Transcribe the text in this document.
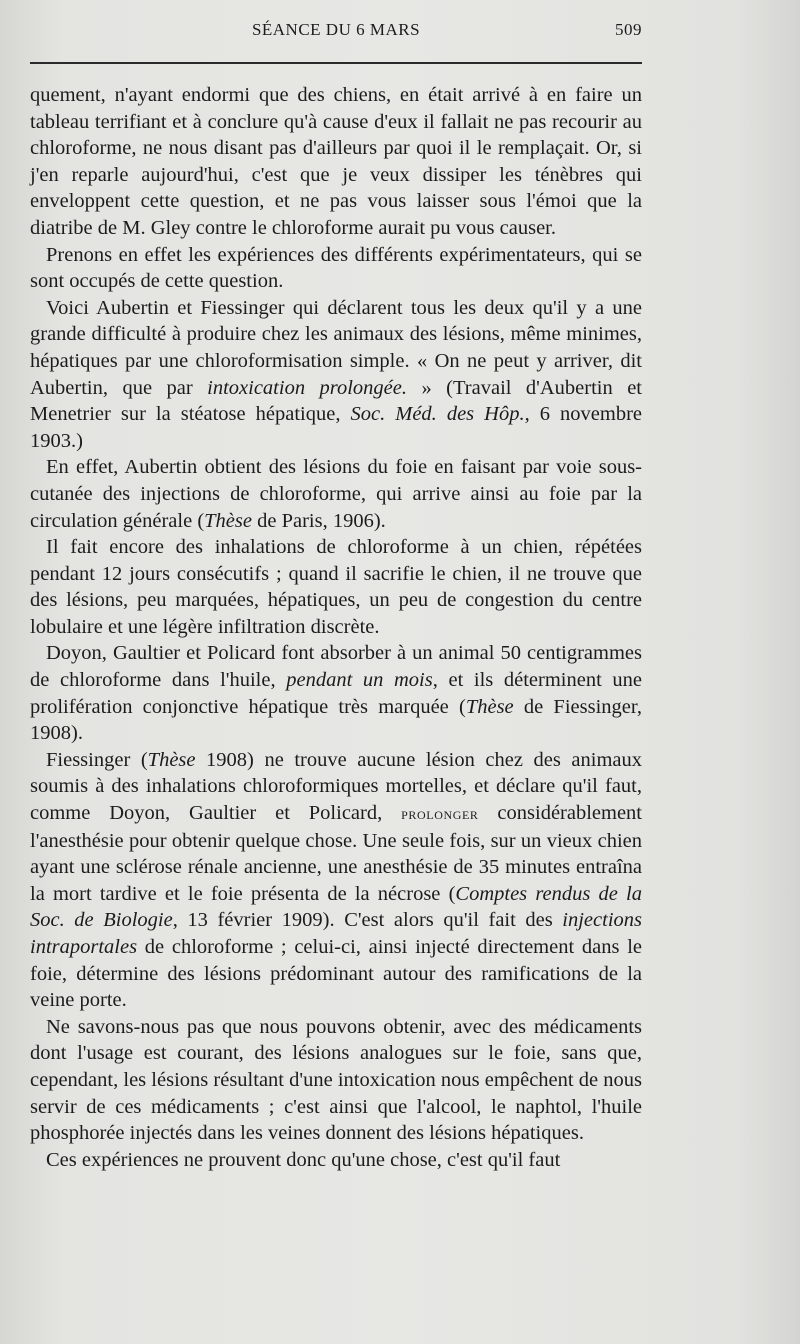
SÉANCE DU 6 MARS	509

quement, n'ayant endormi que des chiens, en était arrivé à en faire un tableau terrifiant et à conclure qu'à cause d'eux il fallait ne pas recourir au chloroforme, ne nous disant pas d'ailleurs par quoi il le remplaçait. Or, si j'en reparle aujourd'hui, c'est que je veux dissiper les ténèbres qui enveloppent cette question, et ne pas vous laisser sous l'émoi que la diatribe de M. Gley contre le chloroforme aurait pu vous causer.

Prenons en effet les expériences des différents expérimentateurs, qui se sont occupés de cette question.

Voici Aubertin et Fiessinger qui déclarent tous les deux qu'il y a une grande difficulté à produire chez les animaux des lésions, même minimes, hépatiques par une chloroformisation simple. « On ne peut y arriver, dit Aubertin, que par intoxication prolongée. » (Travail d'Aubertin et Menetrier sur la stéatose hépatique, Soc. Méd. des Hôp., 6 novembre 1903.)

En effet, Aubertin obtient des lésions du foie en faisant par voie sous-cutanée des injections de chloroforme, qui arrive ainsi au foie par la circulation générale (Thèse de Paris, 1906).

Il fait encore des inhalations de chloroforme à un chien, répétées pendant 12 jours consécutifs ; quand il sacrifie le chien, il ne trouve que des lésions, peu marquées, hépatiques, un peu de congestion du centre lobulaire et une légère infiltration discrète.

Doyon, Gaultier et Policard font absorber à un animal 50 centigrammes de chloroforme dans l'huile, pendant un mois, et ils déterminent une prolifération conjonctive hépatique très marquée (Thèse de Fiessinger, 1908).

Fiessinger (Thèse 1908) ne trouve aucune lésion chez des animaux soumis à des inhalations chloroformiques mortelles, et déclare qu'il faut, comme Doyon, Gaultier et Policard, prolonger considérablement l'anesthésie pour obtenir quelque chose. Une seule fois, sur un vieux chien ayant une sclérose rénale ancienne, une anesthésie de 35 minutes entraîna la mort tardive et le foie présenta de la nécrose (Comptes rendus de la Soc. de Biologie, 13 février 1909). C'est alors qu'il fait des injections intraportales de chloroforme ; celui-ci, ainsi injecté directement dans le foie, détermine des lésions prédominant autour des ramifications de la veine porte.

Ne savons-nous pas que nous pouvons obtenir, avec des médicaments dont l'usage est courant, des lésions analogues sur le foie, sans que, cependant, les lésions résultant d'une intoxication nous empêchent de nous servir de ces médicaments ; c'est ainsi que l'alcool, le naphtol, l'huile phosphorée injectés dans les veines donnent des lésions hépatiques.

Ces expériences ne prouvent donc qu'une chose, c'est qu'il faut
